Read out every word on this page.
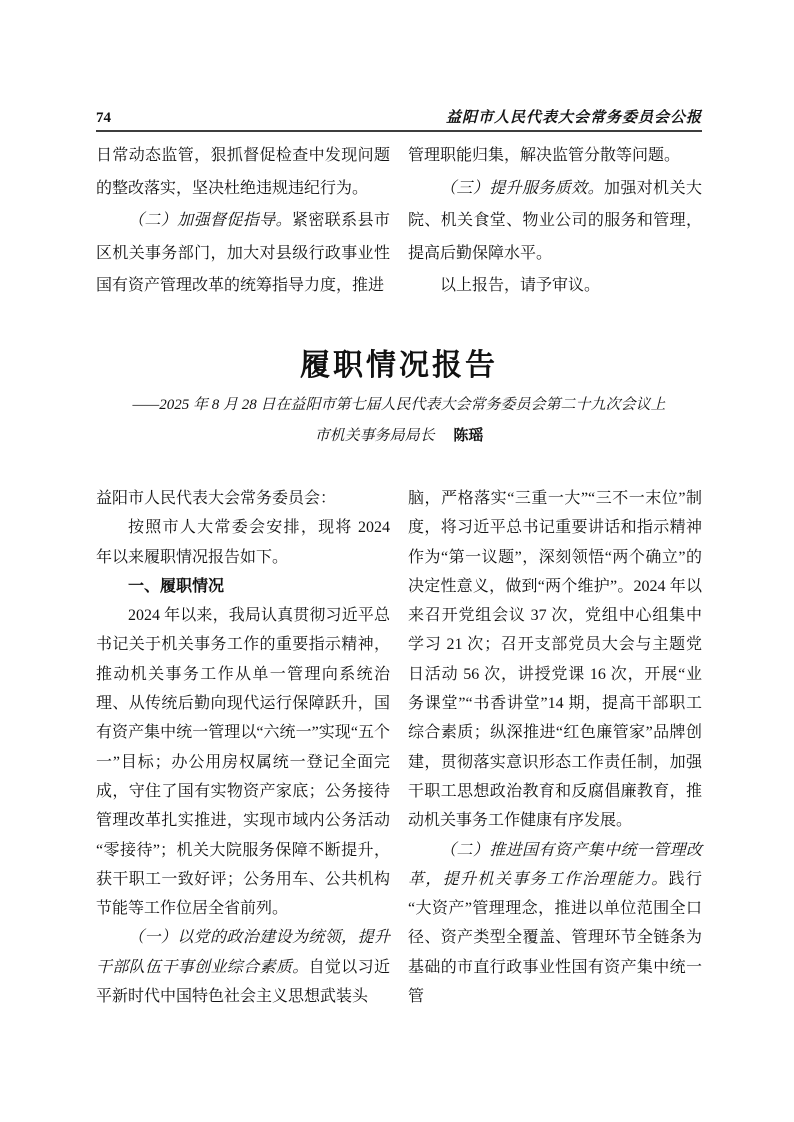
74	益阳市人民代表大会常务委员会公报

日常动态监管，狠抓督促检查中发现问题的整改落实，坚决杜绝违规违纪行为。

（二）加强督促指导。紧密联系县市区机关事务部门，加大对县级行政事业性国有资产管理改革的统筹指导力度，推进

管理职能归集，解决监管分散等问题。

（三）提升服务质效。加强对机关大院、机关食堂、物业公司的服务和管理，提高后勤保障水平。

以上报告，请予审议。

履职情况报告

——2025 年 8 月 28 日在益阳市第七届人民代表大会常务委员会第二十九次会议上

市机关事务局局长 陈瑶

益阳市人民代表大会常务委员会：

按照市人大常委会安排，现将 2024 年以来履职情况报告如下。

一、履职情况

2024 年以来，我局认真贯彻习近平总书记关于机关事务工作的重要指示精神，推动机关事务工作从单一管理向系统治理、从传统后勤向现代运行保障跃升，国有资产集中统一管理以“六统一”实现“五个一”目标；办公用房权属统一登记全面完成，守住了国有实物资产家底；公务接待管理改革扎实推进，实现市域内公务活动“零接待”；机关大院服务保障不断提升，获干职工一致好评；公务用车、公共机构节能等工作位居全省前列。

（一）以党的政治建设为统领，提升干部队伍干事创业综合素质。自觉以习近平新时代中国特色社会主义思想武装头

脑，严格落实“三重一大”“三不一末位”制度，将习近平总书记重要讲话和指示精神作为“第一议题”，深刻领悟“两个确立”的决定性意义，做到“两个维护”。2024 年以来召开党组会议 37 次，党组中心组集中学习 21 次；召开支部党员大会与主题党日活动 56 次，讲授党课 16 次，开展“业务课堂”“书香讲堂”14 期，提高干部职工综合素质；纵深推进“红色廉管家”品牌创建，贯彻落实意识形态工作责任制，加强干职工思想政治教育和反腐倡廉教育，推动机关事务工作健康有序发展。

（二）推进国有资产集中统一管理改革，提升机关事务工作治理能力。践行“大资产”管理理念，推进以单位范围全口径、资产类型全覆盖、管理环节全链条为基础的市直行政事业性国有资产集中统一管
